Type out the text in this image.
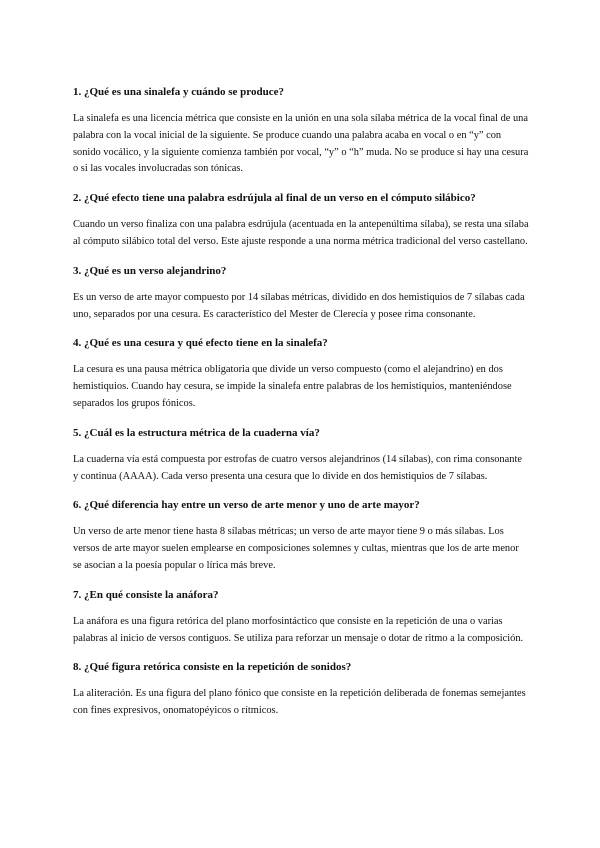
1. ¿Qué es una sinalefa y cuándo se produce?

La sinalefa es una licencia métrica que consiste en la unión en una sola sílaba métrica de la vocal final de una palabra con la vocal inicial de la siguiente. Se produce cuando una palabra acaba en vocal o en “y” con sonido vocálico, y la siguiente comienza también por vocal, “y” o “h” muda. No se produce si hay una cesura o si las vocales involucradas son tónicas.

2. ¿Qué efecto tiene una palabra esdrújula al final de un verso en el cómputo silábico?

Cuando un verso finaliza con una palabra esdrújula (acentuada en la antepenúltima sílaba), se resta una sílaba al cómputo silábico total del verso. Este ajuste responde a una norma métrica tradicional del verso castellano.

3. ¿Qué es un verso alejandrino?

Es un verso de arte mayor compuesto por 14 sílabas métricas, dividido en dos hemistiquios de 7 sílabas cada uno, separados por una cesura. Es característico del Mester de Clerecía y posee rima consonante.

4. ¿Qué es una cesura y qué efecto tiene en la sinalefa?

La cesura es una pausa métrica obligatoria que divide un verso compuesto (como el alejandrino) en dos hemistiquios. Cuando hay cesura, se impide la sinalefa entre palabras de los hemistiquios, manteniéndose separados los grupos fónicos.

5. ¿Cuál es la estructura métrica de la cuaderna vía?

La cuaderna vía está compuesta por estrofas de cuatro versos alejandrinos (14 sílabas), con rima consonante y continua (AAAA). Cada verso presenta una cesura que lo divide en dos hemistiquios de 7 sílabas.

6. ¿Qué diferencia hay entre un verso de arte menor y uno de arte mayor?

Un verso de arte menor tiene hasta 8 sílabas métricas; un verso de arte mayor tiene 9 o más sílabas. Los versos de arte mayor suelen emplearse en composiciones solemnes y cultas, mientras que los de arte menor se asocian a la poesía popular o lírica más breve.

7. ¿En qué consiste la anáfora?

La anáfora es una figura retórica del plano morfosintáctico que consiste en la repetición de una o varias palabras al inicio de versos contiguos. Se utiliza para reforzar un mensaje o dotar de ritmo a la composición.

8. ¿Qué figura retórica consiste en la repetición de sonidos?

La aliteración. Es una figura del plano fónico que consiste en la repetición deliberada de fonemas semejantes con fines expresivos, onomatopéyicos o rítmicos.
